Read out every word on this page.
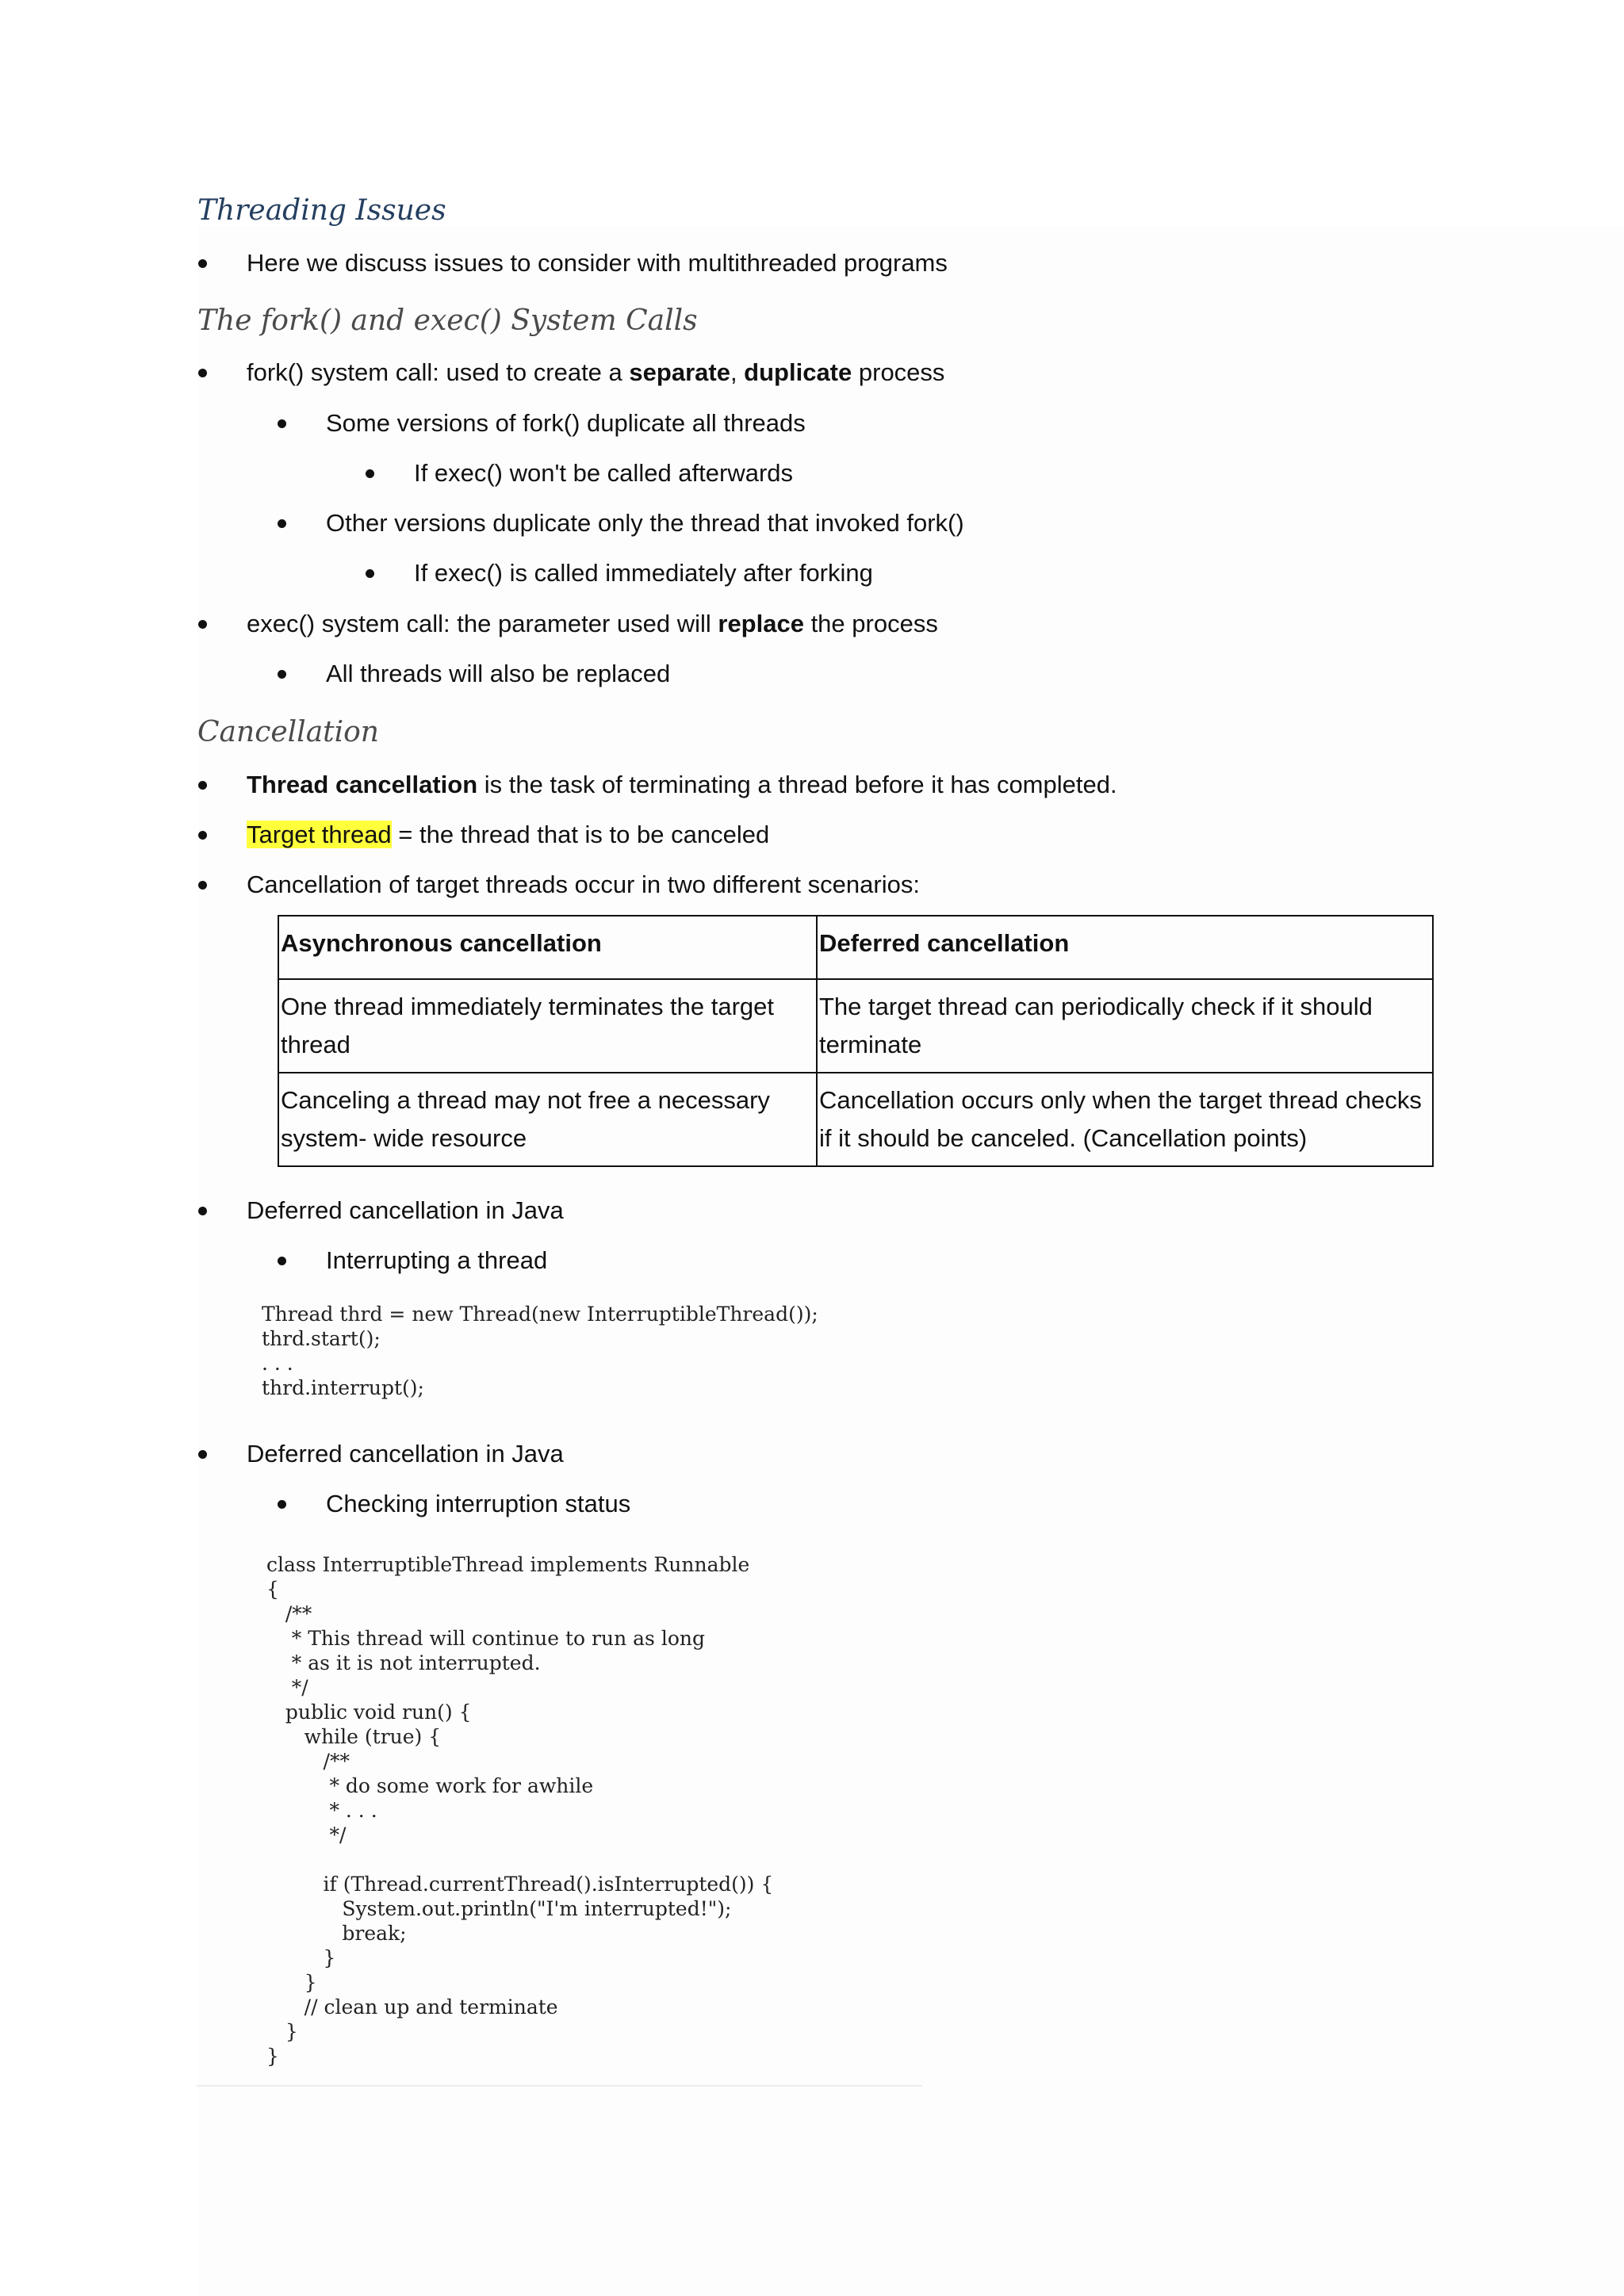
Threading Issues
Here we discuss issues to consider with multithreaded programs
The fork() and exec() System Calls
fork() system call: used to create a separate, duplicate process
Some versions of fork() duplicate all threads
If exec() won't be called afterwards
Other versions duplicate only the thread that invoked fork()
If exec() is called immediately after forking
exec() system call: the parameter used will replace the process
All threads will also be replaced
Cancellation
Thread cancellation is the task of terminating a thread before it has completed.
Target thread = the thread that is to be canceled
Cancellation of target threads occur in two different scenarios:
Asynchronous cancellation	Deferred cancellation
One thread immediately terminates the target thread	The target thread can periodically check if it should terminate
Canceling a thread may not free a necessary system- wide resource	Cancellation occurs only when the target thread checks if it should be canceled. (Cancellation points)
Deferred cancellation in Java
Interrupting a thread
Thread thrd = new Thread(new InterruptibleThread());
thrd.start();
. . .
thrd.interrupt();
Deferred cancellation in Java
Checking interruption status
class InterruptibleThread implements Runnable
{
/**
* This thread will continue to run as long
* as it is not interrupted.
*/
public void run() {
while (true) {
/**
* do some work for awhile
* . . .
*/

if (Thread.currentThread().isInterrupted()) {
System.out.println("I'm interrupted!");
break;
}
}
// clean up and terminate
}
}
